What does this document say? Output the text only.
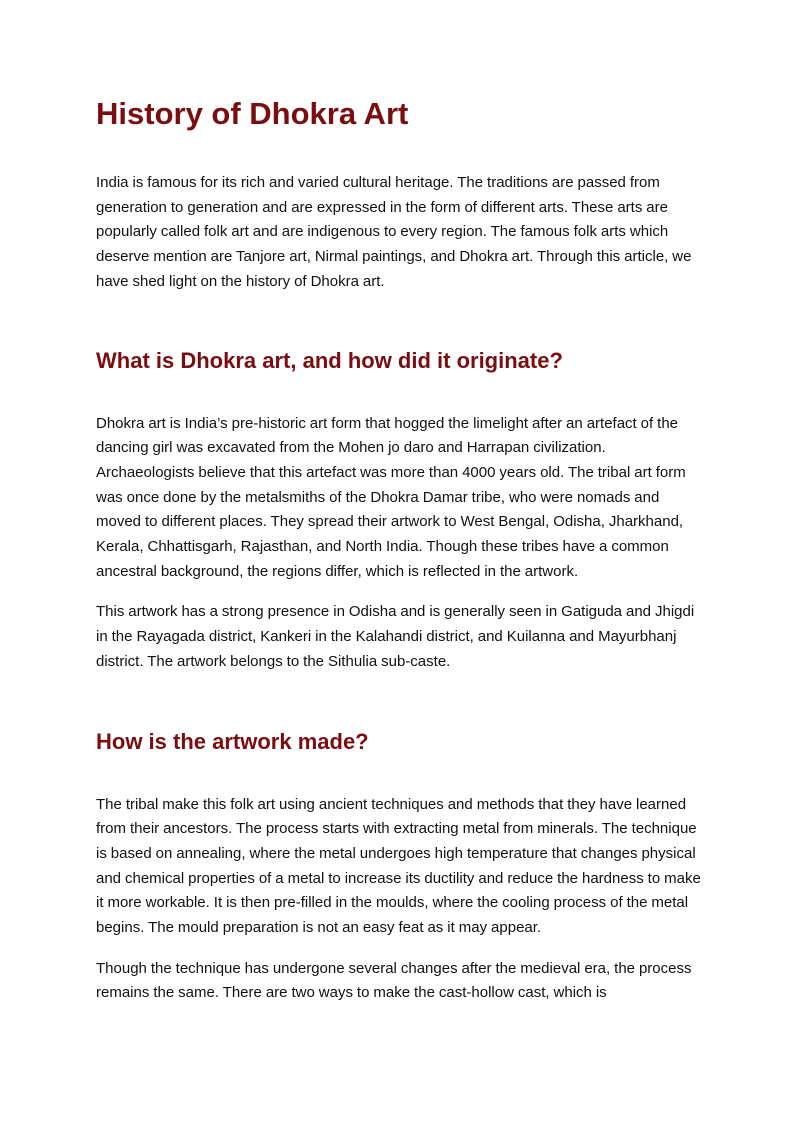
History of Dhokra Art

India is famous for its rich and varied cultural heritage. The traditions are passed from generation to generation and are expressed in the form of different arts. These arts are popularly called folk art and are indigenous to every region. The famous folk arts which deserve mention are Tanjore art, Nirmal paintings, and Dhokra art. Through this article, we have shed light on the history of Dhokra art.

What is Dhokra art, and how did it originate?

Dhokra art is India’s pre-historic art form that hogged the limelight after an artefact of the dancing girl was excavated from the Mohen jo daro and Harrapan civilization. Archaeologists believe that this artefact was more than 4000 years old. The tribal art form was once done by the metalsmiths of the Dhokra Damar tribe, who were nomads and moved to different places. They spread their artwork to West Bengal, Odisha, Jharkhand, Kerala, Chhattisgarh, Rajasthan, and North India. Though these tribes have a common ancestral background, the regions differ, which is reflected in the artwork.

This artwork has a strong presence in Odisha and is generally seen in Gatiguda and Jhigdi in the Rayagada district, Kankeri in the Kalahandi district, and Kuilanna and Mayurbhanj district. The artwork belongs to the Sithulia sub-caste.

How is the artwork made?

The tribal make this folk art using ancient techniques and methods that they have learned from their ancestors. The process starts with extracting metal from minerals. The technique is based on annealing, where the metal undergoes high temperature that changes physical and chemical properties of a metal to increase its ductility and reduce the hardness to make it more workable. It is then pre-filled in the moulds, where the cooling process of the metal begins. The mould preparation is not an easy feat as it may appear.

Though the technique has undergone several changes after the medieval era, the process remains the same. There are two ways to make the cast-hollow cast, which is
